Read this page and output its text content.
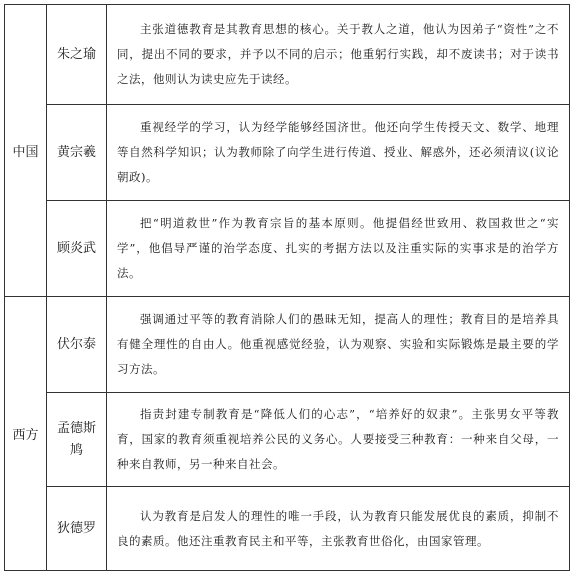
中国	朱之瑜	主张道德教育是其教育思想的核心。关于教人之道，他认为因弟子“资性”之不同，提出不同的要求，并予以不同的启示；他重躬行实践，却不废读书；对于读书之法，他则认为读史应先于读经。
	黄宗羲	重视经学的学习，认为经学能够经国济世。他还向学生传授天文、数学、地理等自然科学知识；认为教师除了向学生进行传道、授业、解惑外，还必须清议(议论朝政)。
	顾炎武	把“明道救世”作为教育宗旨的基本原则。他提倡经世致用、救国救世之“实学”，他倡导严谨的治学态度、扎实的考据方法以及注重实际的实事求是的治学方法。
西方	伏尔泰	强调通过平等的教育消除人们的愚昧无知，提高人的理性；教育目的是培养具有健全理性的自由人。他重视感觉经验，认为观察、实验和实际锻炼是最主要的学习方法。
	孟德斯鸠	指责封建专制教育是“降低人们的心志”，“培养好的奴隶”。主张男女平等教育，国家的教育须重视培养公民的义务心。人要接受三种教育：一种来自父母，一种来自教师，另一种来自社会。
	狄德罗	认为教育是启发人的理性的唯一手段，认为教育只能发展优良的素质，抑制不良的素质。他还注重教育民主和平等，主张教育世俗化，由国家管理。
